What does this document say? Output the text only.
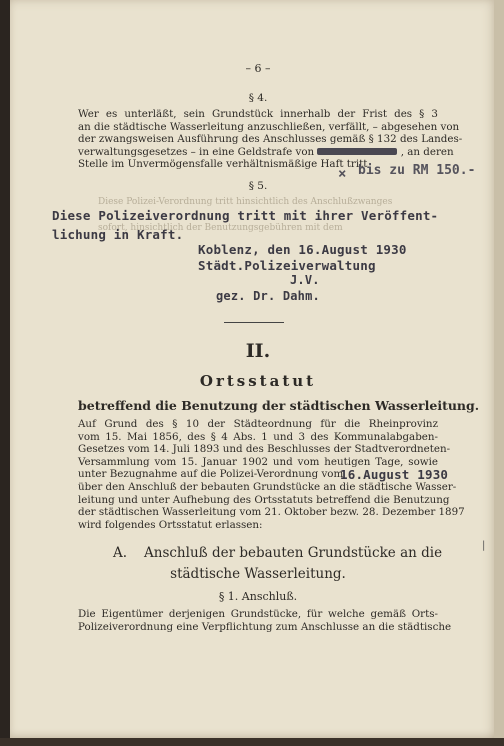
– 6 –
§ 4.
Wer es unterläßt, sein Grundstück innerhalb der Frist des § 3
an die städtische Wasserleitung anzuschließen, verfällt, – abgesehen von
der zwangsweisen Ausführung des Anschlusses gemäß § 132 des Landes-
verwaltungsgesetzes – in eine Geldstrafe von	, an deren
Stelle im Unvermögensfalle verhältnismäßige Haft tritt
× bis zu RM 150.-
§ 5.
Diese Polizei-Verordnung tritt hinsichtlich des Anschlußzwanges
sofort, hinsichtlich der Benutzungsgebühren mit dem
Diese Polizeiverordnung tritt mit ihrer Veröffent-
lichung in Kraft.
Koblenz, den 16.August 1930
Städt.Polizeiverwaltung
J.V.
gez. Dr. Dahm.
II.
Ortsstatut
betreffend die Benutzung der städtischen Wasserleitung.
Auf Grund des § 10 der Städteordnung für die Rheinprovinz
vom 15. Mai 1856, des § 4 Abs. 1 und 3 des Kommunalabgaben-
Gesetzes vom 14. Juli 1893 und des Beschlusses der Stadtverordneten-
Versammlung vom 15. Januar 1902 und vom heutigen Tage, sowie
unter Bezugnahme auf die Polizei-Verordnung vom
über den Anschluß der bebauten Grundstücke an die städtische Wasser-
leitung und unter Aufhebung des Ortsstatuts betreffend die Benutzung
der städtischen Wasserleitung vom 21. Oktober bezw. 28. Dezember 1897
wird folgendes Ortsstatut erlassen:
16.August 1930
A. Anschluß der bebauten Grundstücke an die
städtische Wasserleitung.
|
§ 1. Anschluß.
Die Eigentümer derjenigen Grundstücke, für welche gemäß Orts-
Polizeiverordnung eine Verpflichtung zum Anschlusse an die städtische
